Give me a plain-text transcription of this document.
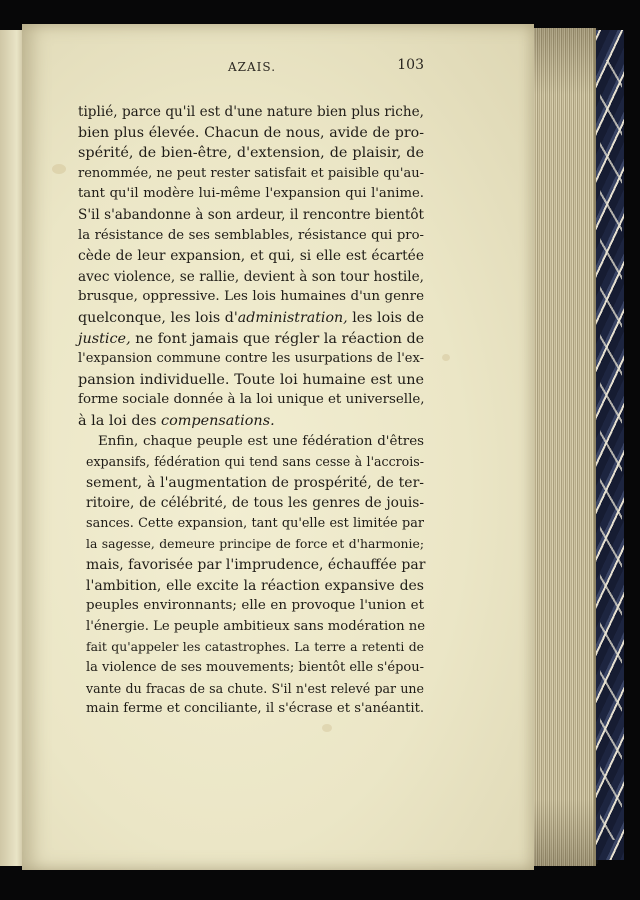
AZAIS.	103
tiplié, parce qu'il est d'une nature bien plus riche,
bien plus élevée. Chacun de nous, avide de pro-
spérité, de bien-être, d'extension, de plaisir, de
renommée, ne peut rester satisfait et paisible qu'au-
tant qu'il modère lui-même l'expansion qui l'anime.
S'il s'abandonne à son ardeur, il rencontre bientôt
la résistance de ses semblables, résistance qui pro-
cède de leur expansion, et qui, si elle est écartée
avec violence, se rallie, devient à son tour hostile,
brusque, oppressive. Les lois humaines d'un genre
quelconque, les lois d'administration, les lois de
justice, ne font jamais que régler la réaction de
l'expansion commune contre les usurpations de l'ex-
pansion individuelle. Toute loi humaine est une
forme sociale donnée à la loi unique et universelle,
à la loi des compensations.
Enfin, chaque peuple est une fédération d'êtres
expansifs, fédération qui tend sans cesse à l'accrois-
sement, à l'augmentation de prospérité, de ter-
ritoire, de célébrité, de tous les genres de jouis-
sances. Cette expansion, tant qu'elle est limitée par
la sagesse, demeure principe de force et d'harmonie;
mais, favorisée par l'imprudence, échauffée par
l'ambition, elle excite la réaction expansive des
peuples environnants; elle en provoque l'union et
l'énergie. Le peuple ambitieux sans modération ne
fait qu'appeler les catastrophes. La terre a retenti de
la violence de ses mouvements; bientôt elle s'épou-
vante du fracas de sa chute. S'il n'est relevé par une
main ferme et conciliante, il s'écrase et s'anéantit.
